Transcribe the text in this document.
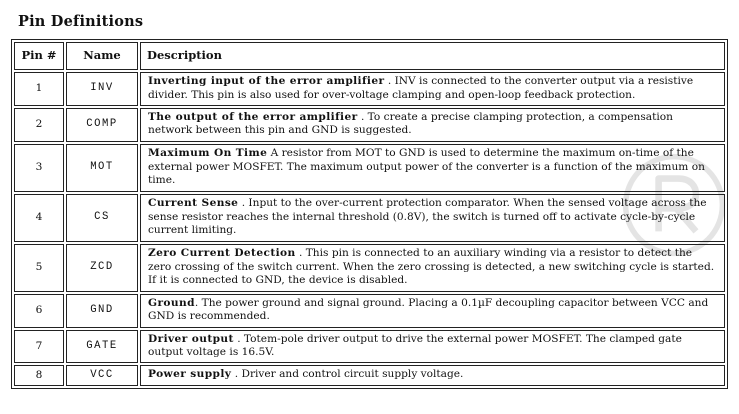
Pin Definitions
Pin #	Name	Description
1	INV	Inverting input of the error amplifier . INV is connected to the converter output via a resistive divider. This pin is also used for over-voltage clamping and open-loop feedback protection.
2	COMP	The output of the error amplifier . To create a precise clamping protection, a compensation network between this pin and GND is suggested.
3	MOT	Maximum On Time A resistor from MOT to GND is used to determine the maximum on-time of the external power MOSFET. The maximum output power of the converter is a function of the maximum on time.
4	CS	Current Sense . Input to the over-current protection comparator. When the sensed voltage across the sense resistor reaches the internal threshold (0.8V), the switch is turned off to activate cycle-by-cycle current limiting.
5	ZCD	Zero Current Detection . This pin is connected to an auxiliary winding via a resistor to detect the zero crossing of the switch current. When the zero crossing is detected, a new switching cycle is started. If it is connected to GND, the device is disabled.
6	GND	Ground. The power ground and signal ground. Placing a 0.1µF decoupling capacitor between VCC and GND is recommended.
7	GATE	Driver output . Totem-pole driver output to drive the external power MOSFET. The clamped gate output voltage is 16.5V.
8	VCC	Power supply . Driver and control circuit supply voltage.
